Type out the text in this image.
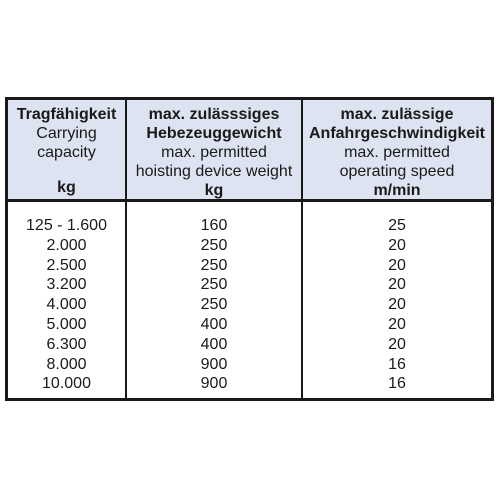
Tragfähigkeit
Carrying
capacity
kg
max. zulässsiges
Hebezeuggewicht
max. permitted
hoisting device weight
kg
max. zulässige
Anfahrgeschwindigkeit
max. permitted
operating speed
m/min
125 - 1.600
2.000
2.500
3.200
4.000
5.000
6.300
8.000
10.000
160
250
250
250
250
400
400
900
900
25
20
20
20
20
20
20
16
16
